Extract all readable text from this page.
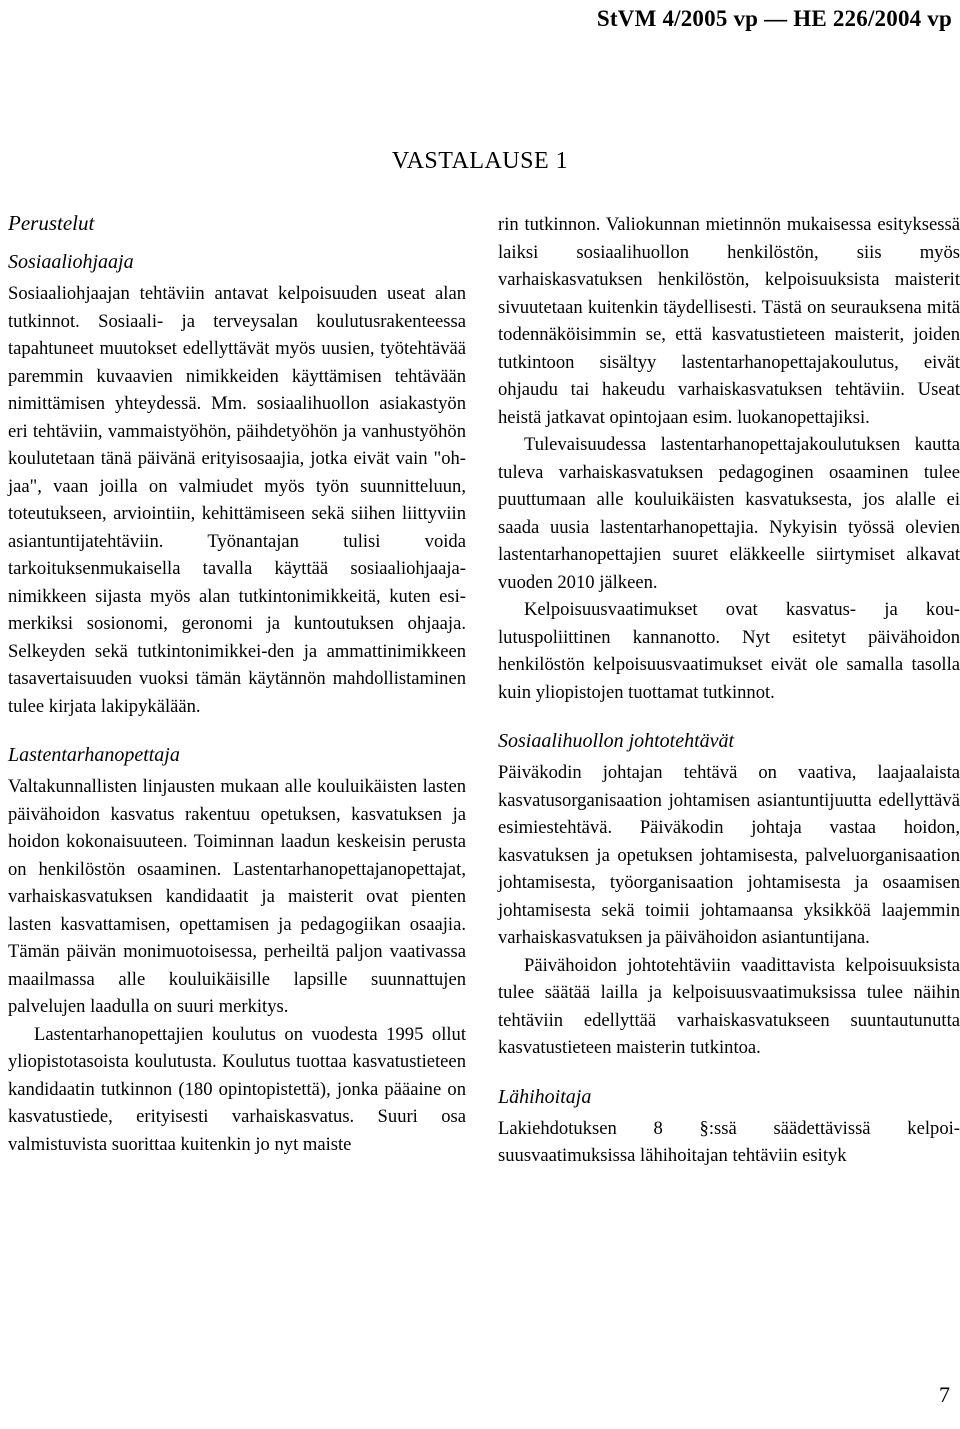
StVM 4/2005 vp — HE 226/2004 vp
VASTALAUSE 1
Perustelut
Sosiaaliohjaaja

Sosiaaliohjaajan tehtäviin antavat kelpoisuuden useat alan tutkinnot. Sosiaali- ja terveysalan koulutusrakenteessa tapahtuneet muutokset edellyttävät myös uusien, työtehtävää paremmin kuvaavien nimikkeiden käyttämisen tehtävään nimittämisen yhteydessä. Mm. sosiaalihuollon asiakastyön eri tehtäviin, vammaistyöhön, päihdetyöhön ja vanhustyöhön koulutetaan tänä päivänä erityisosaajia, jotka eivät vain "ohjaa", vaan joilla on valmiudet myös työn suunnitteluun, toteutukseen, arviointiin, kehittämiseen sekä siihen liittyviin asiantuntijatehtäviin. Työnantajan tulisi voida tarkoituksenmukaisella tavalla käyttää sosiaaliohjaaja-nimikkeen sijasta myös alan tutkintonimikkeitä, kuten esimerkiksi sosionomi, geronomi ja kuntoutuksen ohjaaja. Selkeyden sekä tutkintonimikkei-den ja ammattinimikkeen tasavertaisuuden vuoksi tämän käytännön mahdollistaminen tulee kirjata lakipykälään.

Lastentarhanopettaja

Valtakunnallisten linjausten mukaan alle kouluikäisten lasten päivähoidon kasvatus rakentuu opetuksen, kasvatuksen ja hoidon kokonaisuuteen. Toiminnan laadun keskeisin perusta on henkilöstön osaaminen. Lastentarhanopettajanopettajat, varhaiskasvatuksen kandidaatit ja maisterit ovat pienten lasten kasvattamisen, opettamisen ja pedagogiikan osaajia. Tämän päivän monimuotoisessa, perheiltä paljon vaativassa maailmassa alle kouluikäisille lapsille suunnattujen palvelujen laadulla on suuri merkitys.

Lastentarhanopettajien koulutus on vuodesta 1995 ollut yliopistotasoista koulutusta. Koulutus tuottaa kasvatustieteen kandidaatin tutkinnon (180 opintopistettä), jonka pääaine on kasvatustiede, erityisesti varhaiskasvatus. Suuri osa valmistuvista suorittaa kuitenkin jo nyt maiste

rin tutkinnon. Valiokunnan mietinnön mukaisessa esityksessä laiksi sosiaalihuollon henkilöstön, siis myös varhaiskasvatuksen henkilöstön, kelpoisuuksista maisterit sivuutetaan kuitenkin täydellisesti. Tästä on seurauksena mitä todennäköisimmin se, että kasvatustieteen maisterit, joiden tutkintoon sisältyy lastentarhanopettajakoulutus, eivät ohjaudu tai hakeudu varhaiskasvatuksen tehtäviin. Useat heistä jatkavat opintojaan esim. luokanopettajiksi.

Tulevaisuudessa lastentarhanopettajakoulutuksen kautta tuleva varhaiskasvatuksen pedagoginen osaaminen tulee puuttumaan alle kouluikäisten kasvatuksesta, jos alalle ei saada uusia lastentarhanopettajia. Nykyisin työssä olevien lastentarhanopettajien suuret eläkkeelle siirtymiset alkavat vuoden 2010 jälkeen.

Kelpoisuusvaatimukset ovat kasvatus- ja koulutuspoliittinen kannanotto. Nyt esitetyt päivähoidon henkilöstön kelpoisuusvaatimukset eivät ole samalla tasolla kuin yliopistojen tuottamat tutkinnot.

Sosiaalihuollon johtotehtävät

Päiväkodin johtajan tehtävä on vaativa, laajaalaista kasvatusorganisaation johtamisen asiantuntijuutta edellyttävä esimiestehtävä. Päiväkodin johtaja vastaa hoidon, kasvatuksen ja opetuksen johtamisesta, palveluorganisaation johtamisesta, työorganisaation johtamisesta ja osaamisen johtamisesta sekä toimii johtamaansa yksikköä laajemmin varhaiskasvatuksen ja päivähoidon asiantuntijana.

Päivähoidon johtotehtäviin vaadittavista kelpoisuuksista tulee säätää lailla ja kelpoisuusvaatimuksissa tulee näihin tehtäviin edellyttää varhaiskasvatukseen suuntautunutta kasvatustieteen maisterin tutkintoa.

Lähihoitaja

Lakiehdotuksen 8 §:ssä säädettävissä kelpoisuusvaatimuksissa lähihoitajan tehtäviin esityk

7
